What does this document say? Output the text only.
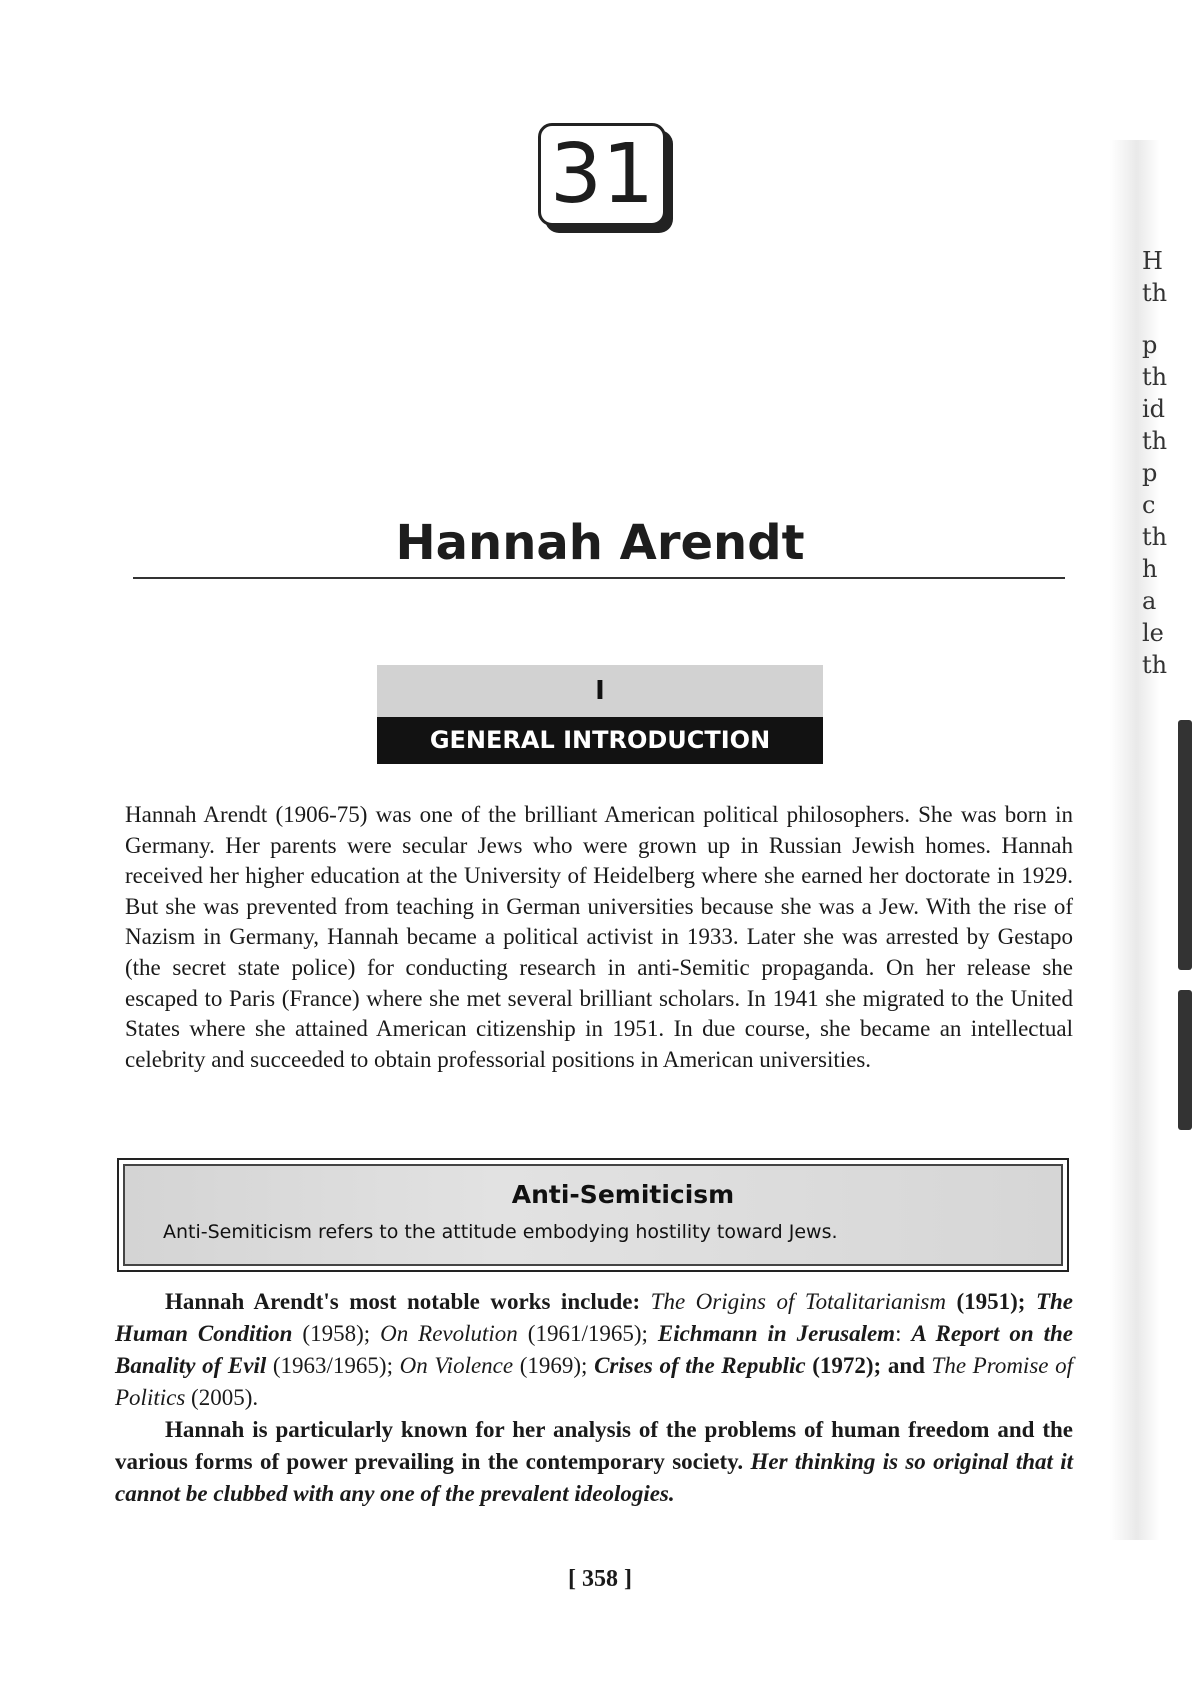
H
th
p
th
id
th
p
c
th
h
a
le
th
31
Hannah Arendt
I
GENERAL INTRODUCTION
Hannah Arendt (1906-75) was one of the brilliant American political philosophers. She was born in Germany. Her parents were secular Jews who were grown up in Russian Jewish homes. Hannah received her higher education at the University of Heidelberg where she earned her doctorate in 1929. But she was prevented from teaching in German universities because she was a Jew. With the rise of Nazism in Germany, Hannah became a political activist in 1933. Later she was arrested by Gestapo (the secret state police) for conducting research in anti-Semitic propaganda. On her release she escaped to Paris (France) where she met several brilliant scholars. In 1941 she migrated to the United States where she attained American citizenship in 1951. In due course, she became an intellectual celebrity and succeeded to obtain professorial positions in American universities.
Anti-Semiticism
Anti-Semiticism refers to the attitude embodying hostility toward Jews.

Hannah Arendt's most notable works include: The Origins of Totalitarianism (1951); The Human Condition (1958); On Revolution (1961/1965); Eichmann in Jerusalem: A Report on the Banality of Evil (1963/1965); On Violence (1969); Crises of the Republic (1972); and The Promise of Politics (2005).

Hannah is particularly known for her analysis of the problems of human freedom and the various forms of power prevailing in the contemporary society. Her thinking is so original that it cannot be clubbed with any one of the prevalent ideologies.

[ 358 ]
